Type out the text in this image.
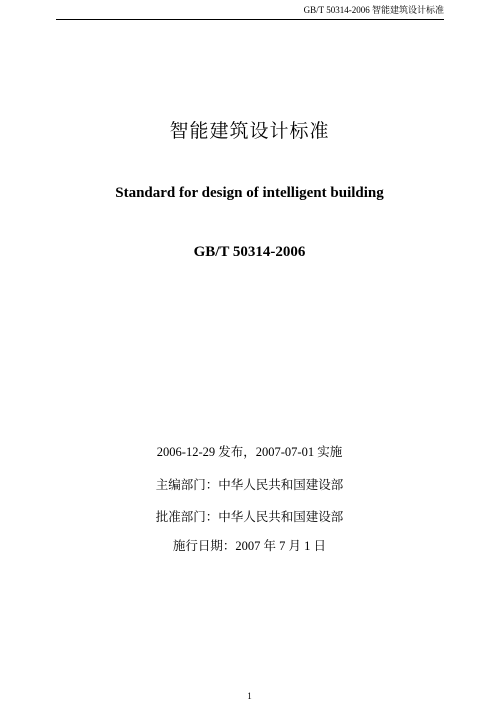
GB/T 50314-2006 智能建筑设计标准
智能建筑设计标准
Standard for design of intelligent building
GB/T 50314-2006
2006-12-29 发布，2007-07-01 实施
主编部门：中华人民共和国建设部
批准部门：中华人民共和国建设部
施行日期：2007 年 7 月 1 日
1
